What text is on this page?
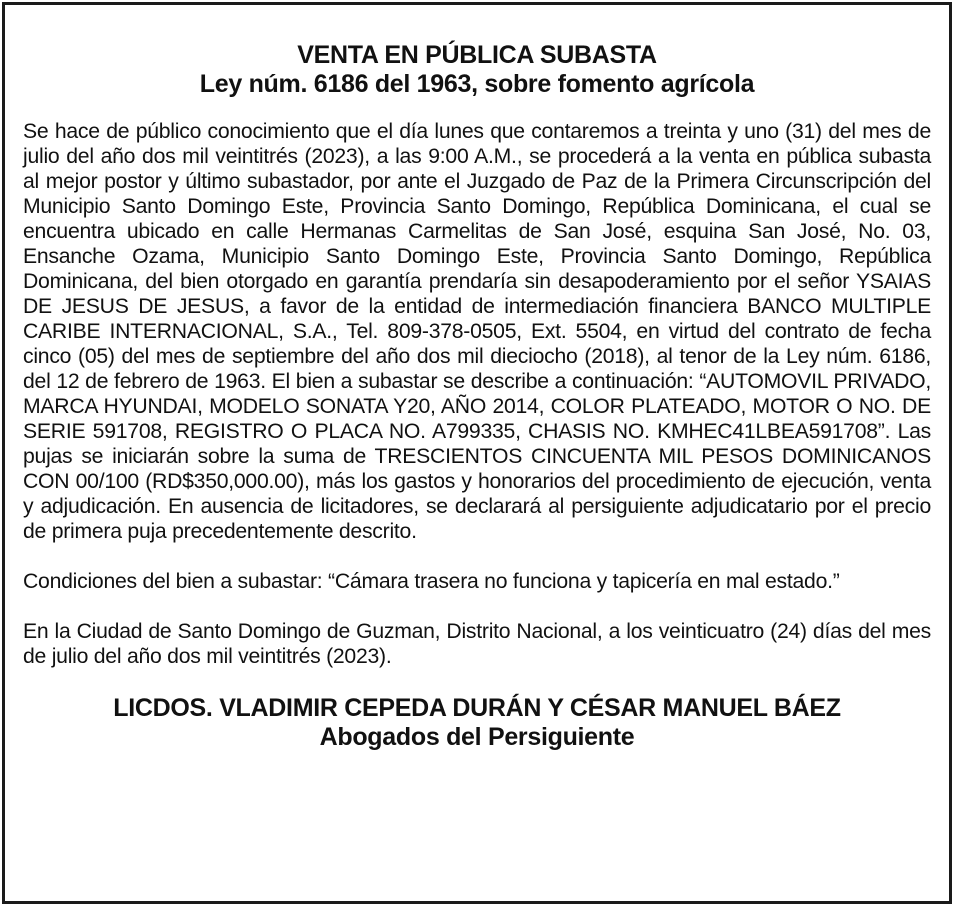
VENTA EN PÚBLICA SUBASTA
Ley núm. 6186 del 1963, sobre fomento agrícola

Se hace de público conocimiento que el día lunes que contaremos a treinta y uno (31) del mes de julio del año dos mil veintitrés (2023), a las 9:00 A.M., se procederá a la venta en pública subasta al mejor postor y último subastador, por ante el Juzgado de Paz de la Primera Circunscripción del Municipio Santo Domingo Este, Provincia Santo Domingo, República Dominicana, el cual se encuentra ubicado en calle Hermanas Carmelitas de San José, esquina San José, No. 03, Ensanche Ozama, Municipio Santo Domingo Este, Provincia Santo Domingo, República Dominicana, del bien otorgado en garantía prendaría sin desapoderamiento por el señor YSAIAS DE JESUS DE JESUS, a favor de la entidad de intermediación financiera BANCO MULTIPLE CARIBE INTERNACIONAL, S.A., Tel. 809-378-0505, Ext. 5504, en virtud del contrato de fecha cinco (05) del mes de septiembre del año dos mil dieciocho (2018), al tenor de la Ley núm. 6186, del 12 de febrero de 1963. El bien a subastar se describe a continuación: “AUTOMOVIL PRIVADO, MARCA HYUNDAI, MODELO SONATA Y20, AÑO 2014, COLOR PLATEADO, MOTOR O NO. DE SERIE 591708, REGISTRO O PLACA NO. A799335, CHASIS NO. KMHEC41LBEA591708”. Las pujas se iniciarán sobre la suma de TRESCIENTOS CINCUENTA MIL PESOS DOMINICANOS CON 00/100 (RD$350,000.00), más los gastos y honorarios del procedimiento de ejecución, venta y adjudicación. En ausencia de licitadores, se declarará al persiguiente adjudicatario por el precio de primera puja precedentemente descrito.

Condiciones del bien a subastar: “Cámara trasera no funciona y tapicería en mal estado.”

En la Ciudad de Santo Domingo de Guzman, Distrito Nacional, a los veinticuatro (24) días del mes de julio del año dos mil veintitrés (2023).

LICDOS. VLADIMIR CEPEDA DURÁN Y CÉSAR MANUEL BÁEZ
Abogados del Persiguiente
